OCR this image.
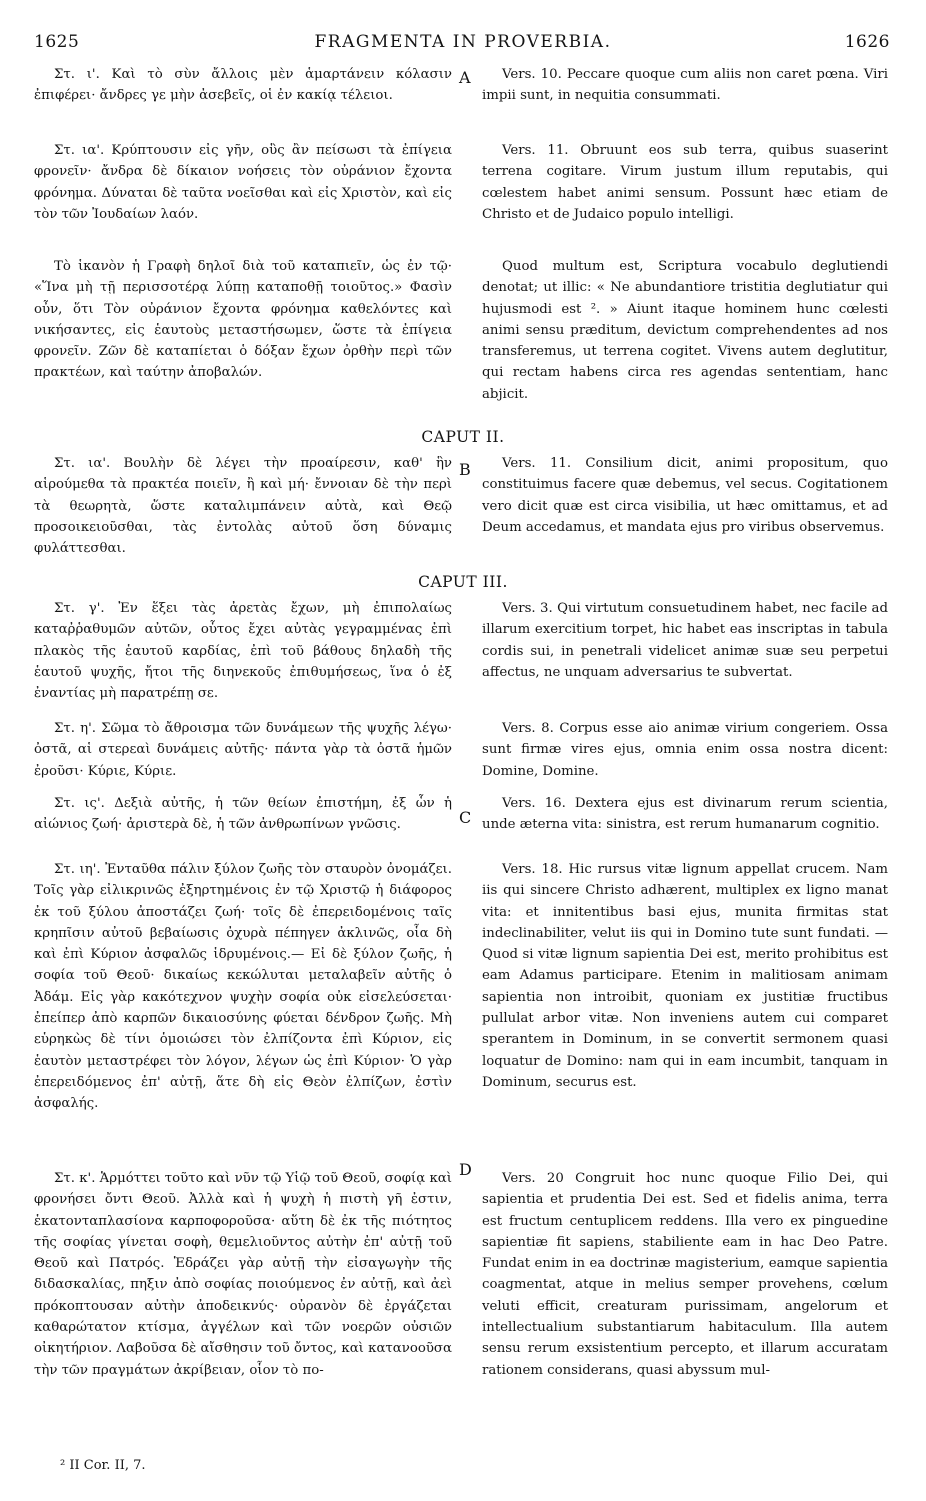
1625	FRAGMENTA IN PROVERBIA.	1626
A
B
C
D

Στ. ι'. Καὶ τὸ σὺν ἄλλοις μὲν ἁμαρτάνειν κόλασιν ἐπιφέρει· ἄνδρες γε μὴν ἀσεβεῖς, οἱ ἐν κακίᾳ τέλειοι.

Vers. 10. Peccare quoque cum aliis non caret pœna. Viri impii sunt, in nequitia consummati.

Στ. ια'. Κρύπτουσιν εἰς γῆν, οὓς ἂν πείσωσι τὰ ἐπίγεια φρονεῖν· ἄνδρα δὲ δίκαιον νοήσεις τὸν οὐράνιον ἔχοντα φρόνημα. Δύναται δὲ ταῦτα νοεῖσθαι καὶ εἰς Χριστὸν, καὶ εἰς τὸν τῶν Ἰουδαίων λαόν.

Vers. 11. Obruunt eos sub terra, quibus suaserint terrena cogitare. Virum justum illum reputabis, qui cœlestem habet animi sensum. Possunt hæc etiam de Christo et de Judaico populo intelligi.

Τὸ ἱκανὸν ἡ Γραφὴ δηλοῖ διὰ τοῦ καταπιεῖν, ὡς ἐν τῷ· «Ἵνα μὴ τῇ περισσοτέρᾳ λύπῃ καταποθῇ τοιοῦτος.» Φασὶν οὖν, ὅτι Τὸν οὐράνιον ἔχοντα φρόνημα καθελόντες καὶ νικήσαντες, εἰς ἑαυτοὺς μεταστήσωμεν, ὥστε τὰ ἐπίγεια φρονεῖν. Ζῶν δὲ καταπίεται ὁ δόξαν ἔχων ὀρθὴν περὶ τῶν πρακτέων, καὶ ταύτην ἀποβαλών.

Quod multum est, Scriptura vocabulo deglutiendi denotat; ut illic: « Ne abundantiore tristitia deglutiatur qui hujusmodi est ². » Aiunt itaque hominem hunc cœlesti animi sensu præditum, devictum comprehendentes ad nos transferemus, ut terrena cogitet. Vivens autem deglutitur, qui rectam habens circa res agendas sententiam, hanc abjicit.

CAPUT II.

Στ. ια'. Βουλὴν δὲ λέγει τὴν προαίρεσιν, καθ' ἣν αἱρούμεθα τὰ πρακτέα ποιεῖν, ἢ καὶ μή· ἔννοιαν δὲ τὴν περὶ τὰ θεωρητὰ, ὥστε καταλιμπάνειν αὐτὰ, καὶ Θεῷ προσοικειοῦσθαι, τὰς ἐντολὰς αὐτοῦ ὅση δύναμις φυλάττεσθαι.

Vers. 11. Consilium dicit, animi propositum, quo constituimus facere quæ debemus, vel secus. Cogitationem vero dicit quæ est circa visibilia, ut hæc omittamus, et ad Deum accedamus, et mandata ejus pro viribus observemus.

CAPUT III.

Στ. γ'. Ἐν ἕξει τὰς ἀρετὰς ἔχων, μὴ ἐπιπολαίως καταῤῥαθυμῶν αὐτῶν, οὗτος ἔχει αὐτὰς γεγραμμένας ἐπὶ πλακὸς τῆς ἑαυτοῦ καρδίας, ἐπὶ τοῦ βάθους δηλαδὴ τῆς ἑαυτοῦ ψυχῆς, ἤτοι τῆς διηνεκοῦς ἐπιθυμήσεως, ἵνα ὁ ἐξ ἐναντίας μὴ παρατρέπῃ σε.

Vers. 3. Qui virtutum consuetudinem habet, nec facile ad illarum exercitium torpet, hic habet eas inscriptas in tabula cordis sui, in penetrali videlicet animæ suæ seu perpetui affectus, ne unquam adversarius te subvertat.

Στ. η'. Σῶμα τὸ ἄθροισμα τῶν δυνάμεων τῆς ψυχῆς λέγω· ὀστᾶ, αἱ στερεαὶ δυνάμεις αὐτῆς· πάντα γὰρ τὰ ὀστᾶ ἡμῶν ἐροῦσι· Κύριε, Κύριε.

Vers. 8. Corpus esse aio animæ virium congeriem. Ossa sunt firmæ vires ejus, omnia enim ossa nostra dicent: Domine, Domine.

Στ. ις'. Δεξιὰ αὐτῆς, ἡ τῶν θείων ἐπιστήμη, ἐξ ὧν ἡ αἰώνιος ζωή· ἀριστερὰ δὲ, ἡ τῶν ἀνθρωπίνων γνῶσις.

Vers. 16. Dextera ejus est divinarum rerum scientia, unde æterna vita: sinistra, est rerum humanarum cognitio.

Στ. ιη'. Ἐνταῦθα πάλιν ξύλον ζωῆς τὸν σταυρὸν ὀνομάζει. Τοῖς γὰρ εἰλικρινῶς ἐξηρτημένοις ἐν τῷ Χριστῷ ἡ διάφορος ἐκ τοῦ ξύλου ἀποστάζει ζωή· τοῖς δὲ ἐπερειδομένοις ταῖς κρηπῖσιν αὐτοῦ βεβαίωσις ὀχυρὰ πέπηγεν ἀκλινῶς, οἷα δὴ καὶ ἐπὶ Κύριον ἀσφαλῶς ἱδρυμένοις.— Εἰ δὲ ξύλον ζωῆς, ἡ σοφία τοῦ Θεοῦ· δικαίως κεκώλυται μεταλαβεῖν αὐτῆς ὁ Ἀδάμ. Εἰς γὰρ κακότεχνον ψυχὴν σοφία οὐκ εἰσελεύσεται· ἐπείπερ ἀπὸ καρπῶν δικαιοσύνης φύεται δένδρον ζωῆς. Μὴ εὑρηκὼς δὲ τίνι ὁμοιώσει τὸν ἐλπίζοντα ἐπὶ Κύριον, εἰς ἑαυτὸν μεταστρέφει τὸν λόγον, λέγων ὡς ἐπὶ Κύριον· Ὁ γὰρ ἐπερειδόμενος ἐπ' αὐτῇ, ἅτε δὴ εἰς Θεὸν ἐλπίζων, ἐστὶν ἀσφαλής.

Vers. 18. Hic rursus vitæ lignum appellat crucem. Nam iis qui sincere Christo adhærent, multiplex ex ligno manat vita: et innitentibus basi ejus, munita firmitas stat indeclinabiliter, velut iis qui in Domino tute sunt fundati. — Quod si vitæ lignum sapientia Dei est, merito prohibitus est eam Adamus participare. Etenim in malitiosam animam sapientia non introibit, quoniam ex justitiæ fructibus pullulat arbor vitæ. Non inveniens autem cui comparet sperantem in Dominum, in se convertit sermonem quasi loquatur de Domino: nam qui in eam incumbit, tanquam in Dominum, securus est.

Στ. κ'. Ἁρμόττει τοῦτο καὶ νῦν τῷ Υἱῷ τοῦ Θεοῦ, σοφίᾳ καὶ φρονήσει ὄντι Θεοῦ. Ἀλλὰ καὶ ἡ ψυχὴ ἡ πιστὴ γῆ ἐστιν, ἑκατονταπλασίονα καρποφοροῦσα· αὕτη δὲ ἐκ τῆς πιότητος τῆς σοφίας γίνεται σοφὴ, θεμελιοῦντος αὐτὴν ἐπ' αὐτῇ τοῦ Θεοῦ καὶ Πατρός. Ἑδράζει γὰρ αὐτῇ τὴν εἰσαγωγὴν τῆς διδασκαλίας, πηξιν ἀπὸ σοφίας ποιούμενος ἐν αὐτῇ, καὶ ἀεὶ πρόκοπτουσαν αὐτὴν ἀποδεικνύς· οὐρανὸν δὲ ἐργάζεται καθαρώτατον κτίσμα, ἀγγέλων καὶ τῶν νοερῶν οὐσιῶν οἰκητήριον. Λαβοῦσα δὲ αἴσθησιν τοῦ ὄντος, καὶ κατανοοῦσα τὴν τῶν πραγμάτων ἀκρίβειαν, οἷον τὸ πο-

Vers. 20 Congruit hoc nunc quoque Filio Dei, qui sapientia et prudentia Dei est. Sed et fidelis anima, terra est fructum centuplicem reddens. Illa vero ex pinguedine sapientiæ fit sapiens, stabiliente eam in hac Deo Patre. Fundat enim in ea doctrinæ magisterium, eamque sapientia coagmentat, atque in melius semper provehens, cœlum veluti efficit, creaturam purissimam, angelorum et intellectualium substantiarum habitaculum. Illa autem sensu rerum exsistentium percepto, et illarum accuratam rationem considerans, quasi abyssum mul-

² II Cor. II, 7.
